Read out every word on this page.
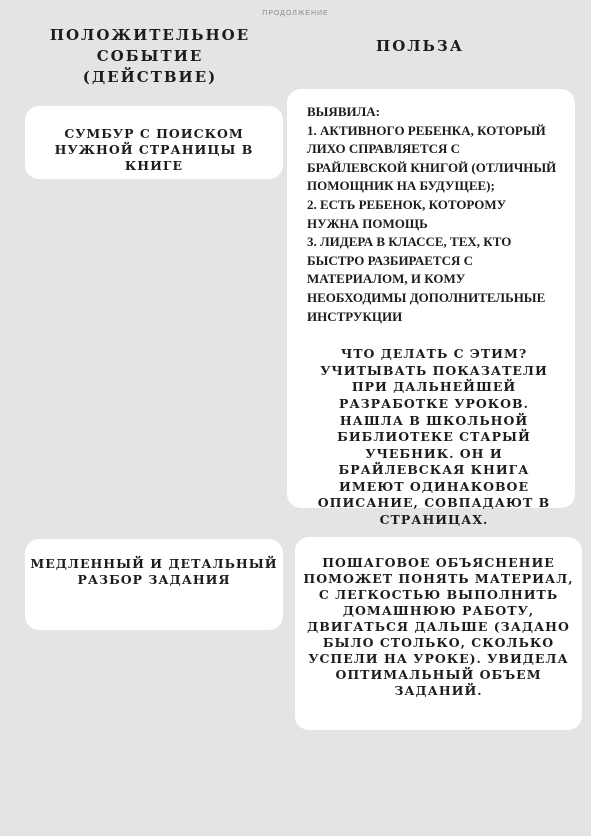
ПРОДОЛЖЕНИЕ
ПОЛОЖИТЕЛЬНОЕ СОБЫТИЕ (ДЕЙСТВИЕ)
ПОЛЬЗА
СУМБУР С ПОИСКОМ НУЖНОЙ СТРАНИЦЫ В КНИГЕ
ВЫЯВИЛА:
1. АКТИВНОГО РЕБЕНКА, КОТОРЫЙ ЛИХО СПРАВЛЯЕТСЯ С БРАЙЛЕВСКОЙ КНИГОЙ (ОТЛИЧНЫЙ ПОМОЩНИК НА БУДУЩЕЕ);
2. ЕСТЬ РЕБЕНОК, КОТОРОМУ НУЖНА ПОМОЩЬ
3. ЛИДЕРА В КЛАССЕ, ТЕХ, КТО БЫСТРО РАЗБИРАЕТСЯ С МАТЕРИАЛОМ, И КОМУ НЕОБХОДИМЫ ДОПОЛНИТЕЛЬНЫЕ ИНСТРУКЦИИ
ЧТО ДЕЛАТЬ С ЭТИМ? УЧИТЫВАТЬ ПОКАЗАТЕЛИ ПРИ ДАЛЬНЕЙШЕЙ РАЗРАБОТКЕ УРОКОВ. НАШЛА В ШКОЛЬНОЙ БИБЛИОТЕКЕ СТАРЫЙ УЧЕБНИК. ОН И БРАЙЛЕВСКАЯ КНИГА ИМЕЮТ ОДИНАКОВОЕ ОПИСАНИЕ, СОВПАДАЮТ В СТРАНИЦАХ.
МЕДЛЕННЫЙ И ДЕТАЛЬНЫЙ РАЗБОР ЗАДАНИЯ
ПОШАГОВОЕ ОБЪЯСНЕНИЕ ПОМОЖЕТ ПОНЯТЬ МАТЕРИАЛ, С ЛЕГКОСТЬЮ ВЫПОЛНИТЬ ДОМАШНЮЮ РАБОТУ, ДВИГАТЬСЯ ДАЛЬШЕ (ЗАДАНО БЫЛО СТОЛЬКО, СКОЛЬКО УСПЕЛИ НА УРОКЕ). УВИДЕЛА ОПТИМАЛЬНЫЙ ОБЪЕМ ЗАДАНИЙ.
